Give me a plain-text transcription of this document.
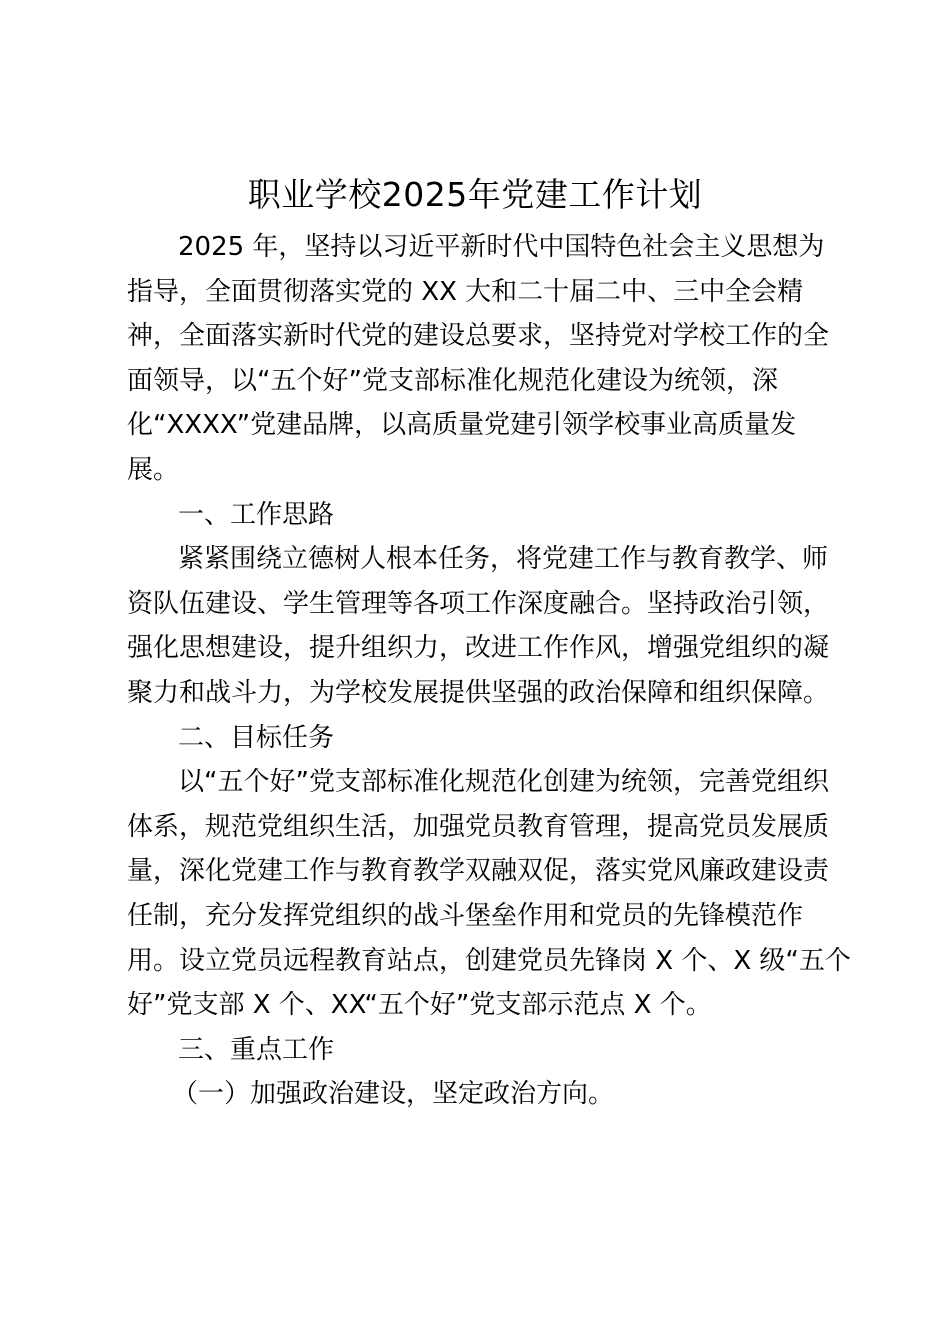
职业学校2025年党建工作计划
2025 年，坚持以习近平新时代中国特色社会主义思想为
指导，全面贯彻落实党的 XX 大和二十届二中、三中全会精
神，全面落实新时代党的建设总要求，坚持党对学校工作的全
面领导，以“五个好”党支部标准化规范化建设为统领，深
化“XXXX”党建品牌，以高质量党建引领学校事业高质量发
展。
一、工作思路
紧紧围绕立德树人根本任务，将党建工作与教育教学、师
资队伍建设、学生管理等各项工作深度融合。坚持政治引领，
强化思想建设，提升组织力，改进工作作风，增强党组织的凝
聚力和战斗力，为学校发展提供坚强的政治保障和组织保障。
二、目标任务
以“五个好”党支部标准化规范化创建为统领，完善党组织
体系，规范党组织生活，加强党员教育管理，提高党员发展质
量，深化党建工作与教育教学双融双促，落实党风廉政建设责
任制，充分发挥党组织的战斗堡垒作用和党员的先锋模范作
用。设立党员远程教育站点，创建党员先锋岗 X 个、X 级“五个
好”党支部 X 个、XX“五个好”党支部示范点 X 个。
三、重点工作
（一）加强政治建设，坚定政治方向。
